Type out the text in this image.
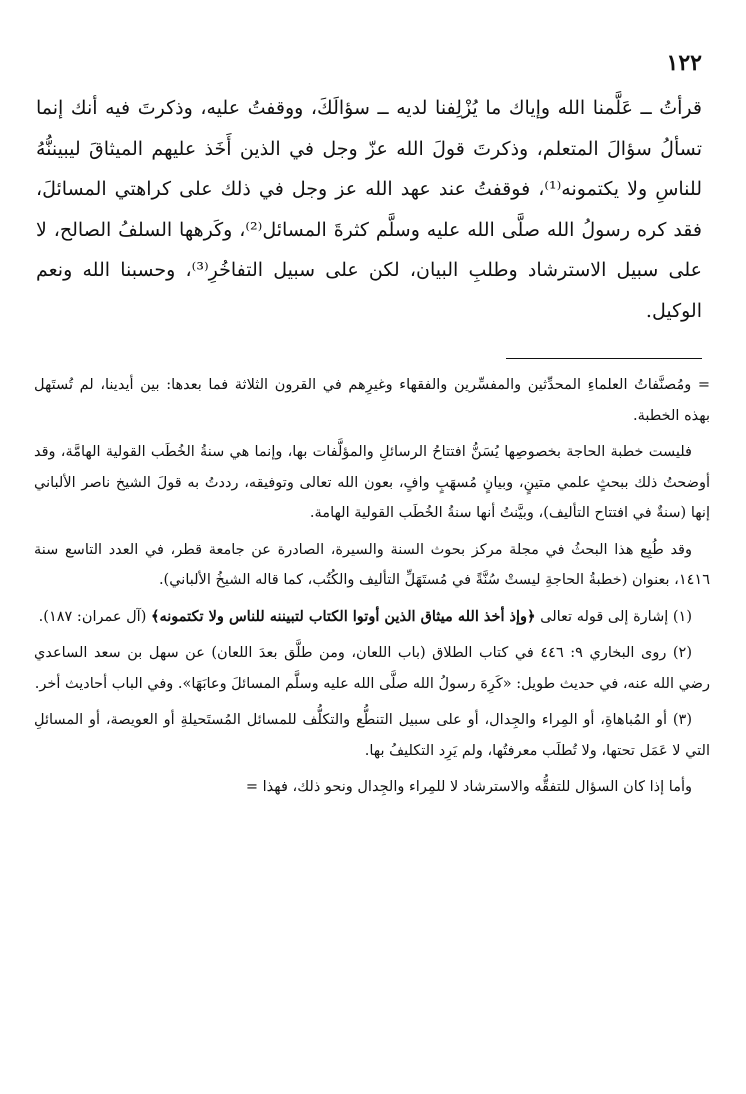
١٢٢

قرأتُ ــ عَلَّمنا الله وإياك ما يُزْلِفنا لديه ــ سؤالَكَ، ووقفتُ عليه، وذكرتَ فيه أنك إنما تسألُ سؤالَ المتعلم، وذكرتَ قولَ الله عزّ وجل في الذين أَخَذ عليهم الميثاقَ ليبيننُّهُ للناسِ ولا يكتمونه⁽¹⁾، فوقفتُ عند عهد الله عز وجل في ذلك على كراهتي المسائلَ، فقد كره رسولُ الله صلَّى الله عليه وسلَّم كثرةَ المسائل⁽²⁾، وكَرهها السلفُ الصالح، لا على سبيل الاسترشاد وطلبِ البيان، لكن على سبيل التفاخُرِ⁽³⁾، وحسبنا الله ونعم الوكيل.

= ومُصنَّفاتُ العلماءِ المحدِّثين والمفسِّرين والفقهاء وغيرِهم في القرون الثلاثة فما بعدها: بين أيدينا، لم تُستَهل بهذه الخطبة.

فليست خطبة الحاجة بخصوصِها يُسَنُّ افتتاحُ الرسائلِ والمؤلَّفات بها، وإنما هي سنةُ الخُطَب القولية الهامَّة، وقد أوضحتُ ذلك ببحثٍ علمي متينٍ، وبيانٍ مُسهَبٍ وافٍ، بعون الله تعالى وتوفيقه، رددتُ به قولَ الشيخ ناصر الألباني إنها (سنةٌ في افتتاح التأليف)، وبيَّنتُ أنها سنةُ الخُطَب القولية الهامة.

وقد طُبِع هذا البحثُ في مجلة مركز بحوث السنة والسيرة، الصادرة عن جامعة قطر، في العدد التاسع سنة ١٤١٦، بعنوان (خطبةُ الحاجةِ ليستْ سُنَّةً في مُستَهَلِّ التأليف والكُتُب، كما قاله الشيخُ الألباني).

(١) إشارة إلى قوله تعالى ﴿وإذ أخذ الله ميثاق الذين أوتوا الكتاب لتبيننه للناس ولا تكتمونه﴾ (آل عمران: ١٨٧).

(٢) روى البخاري ٩: ٤٤٦ في كتاب الطلاق (باب اللعان، ومن طلَّق بعدَ اللعان) عن سهل بن سعد الساعدي رضي الله عنه، في حديث طويل: «كَرِهَ رسولُ الله صلَّى الله عليه وسلَّم المسائلَ وعابَهَا». وفي الباب أحاديث أخر.

(٣) أو المُباهاةِ، أو المِراء والجِدال، أو على سبيل التنطُّع والتكلُّف للمسائل المُستَحيلةِ أو العويصة، أو المسائلِ التي لا عَمَل تحتها، ولا تُطلَب معرفتُها، ولم يَرِد التكليفُ بها.

وأما إذا كان السؤال للتفقُّه والاسترشاد لا للمِراء والجِدال ونحو ذلك، فهذا =
